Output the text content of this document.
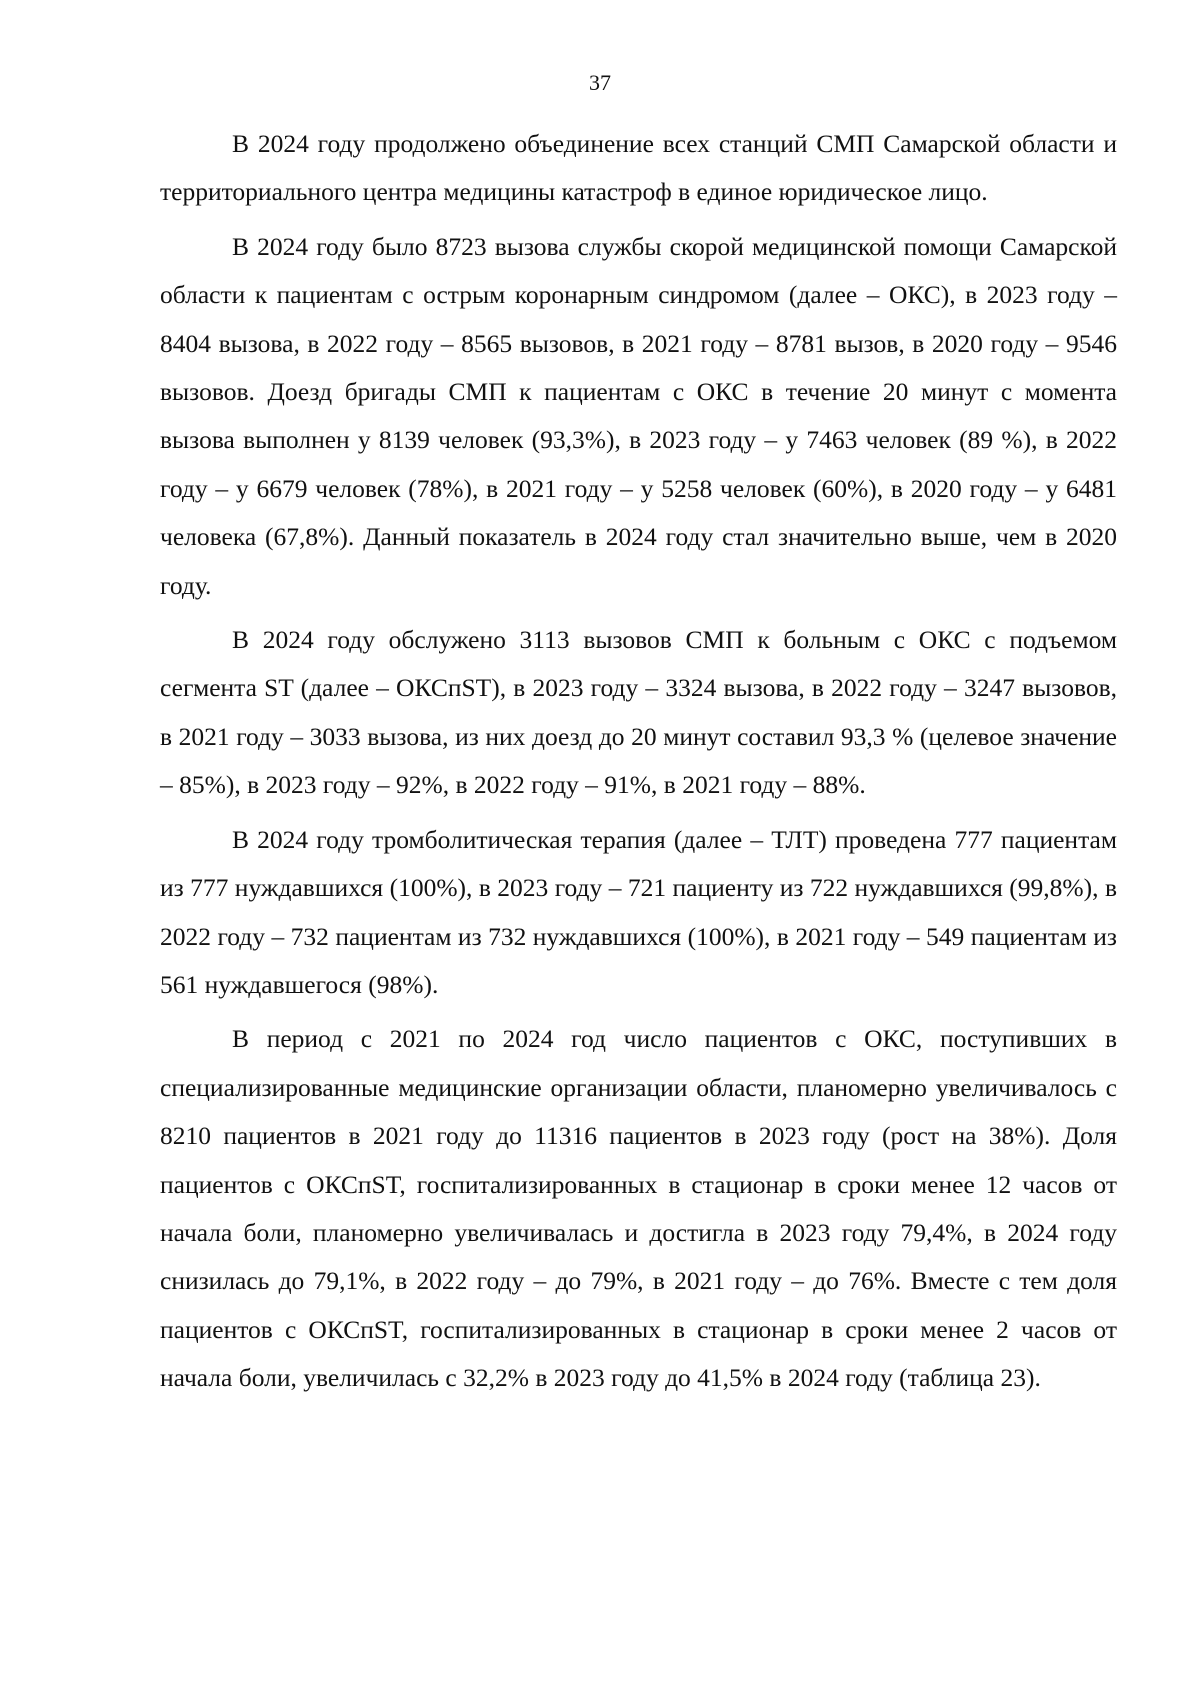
37

В 2024 году продолжено объединение всех станций СМП Самарской области и территориального центра медицины катастроф в единое юридическое лицо.

В 2024 году было 8723 вызова службы скорой медицинской помощи Самарской области к пациентам с острым коронарным синдромом (далее – ОКС), в 2023 году – 8404 вызова, в 2022 году – 8565 вызовов, в 2021 году – 8781 вызов, в 2020 году – 9546 вызовов. Доезд бригады СМП к пациентам с ОКС в течение 20 минут с момента вызова выполнен у 8139 человек (93,3%), в 2023 году – у 7463 человек (89 %), в 2022 году – у 6679 человек (78%), в 2021 году – у 5258 человек (60%), в 2020 году – у 6481 человека (67,8%). Данный показатель в 2024 году стал значительно выше, чем в 2020 году.

В 2024 году обслужено 3113 вызовов СМП к больным с ОКС с подъемом сегмента ST (далее – ОКСпST), в 2023 году – 3324 вызова, в 2022 году – 3247 вызовов, в 2021 году – 3033 вызова, из них доезд до 20 минут составил 93,3 % (целевое значение – 85%), в 2023 году – 92%, в 2022 году – 91%, в 2021 году – 88%.

В 2024 году тромболитическая терапия (далее – ТЛТ) проведена 777 пациентам из 777 нуждавшихся (100%), в 2023 году – 721 пациенту из 722 нуждавшихся (99,8%), в 2022 году – 732 пациентам из 732 нуждавшихся (100%), в 2021 году – 549 пациентам из 561 нуждавшегося (98%).

В период с 2021 по 2024 год число пациентов с ОКС, поступивших в специализированные медицинские организации области, планомерно увеличивалось с 8210 пациентов в 2021 году до 11316 пациентов в 2023 году (рост на 38%). Доля пациентов с ОКСпST, госпитализированных в стационар в сроки менее 12 часов от начала боли, планомерно увеличивалась и достигла в 2023 году 79,4%, в 2024 году снизилась до 79,1%, в 2022 году – до 79%, в 2021 году – до 76%. Вместе с тем доля пациентов с ОКСпST, госпитализированных в стационар в сроки менее 2 часов от начала боли, увеличилась с 32,2% в 2023 году до 41,5% в 2024 году (таблица 23).
